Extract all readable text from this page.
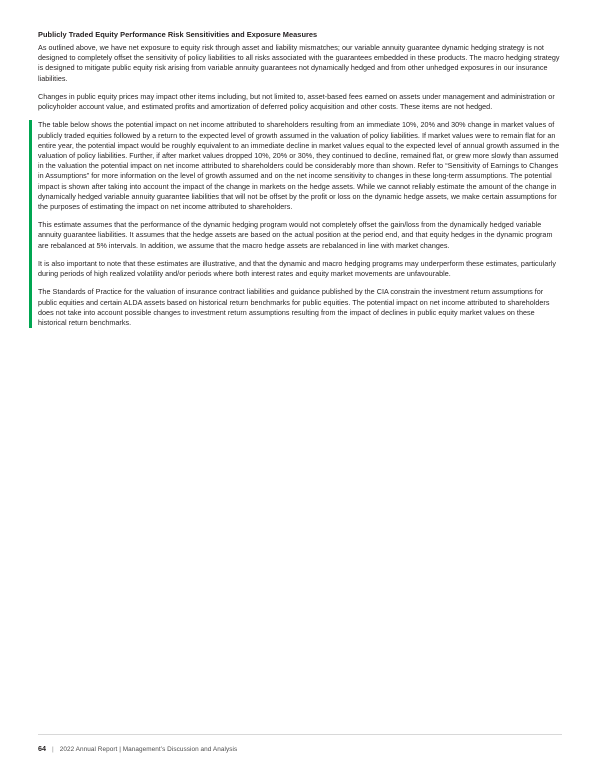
Publicly Traded Equity Performance Risk Sensitivities and Exposure Measures

As outlined above, we have net exposure to equity risk through asset and liability mismatches; our variable annuity guarantee dynamic hedging strategy is not designed to completely offset the sensitivity of policy liabilities to all risks associated with the guarantees embedded in these products. The macro hedging strategy is designed to mitigate public equity risk arising from variable annuity guarantees not dynamically hedged and from other unhedged exposures in our insurance liabilities.

Changes in public equity prices may impact other items including, but not limited to, asset-based fees earned on assets under management and administration or policyholder account value, and estimated profits and amortization of deferred policy acquisition and other costs. These items are not hedged.

The table below shows the potential impact on net income attributed to shareholders resulting from an immediate 10%, 20% and 30% change in market values of publicly traded equities followed by a return to the expected level of growth assumed in the valuation of policy liabilities. If market values were to remain flat for an entire year, the potential impact would be roughly equivalent to an immediate decline in market values equal to the expected level of annual growth assumed in the valuation of policy liabilities. Further, if after market values dropped 10%, 20% or 30%, they continued to decline, remained flat, or grew more slowly than assumed in the valuation the potential impact on net income attributed to shareholders could be considerably more than shown. Refer to “Sensitivity of Earnings to Changes in Assumptions” for more information on the level of growth assumed and on the net income sensitivity to changes in these long-term assumptions. The potential impact is shown after taking into account the impact of the change in markets on the hedge assets. While we cannot reliably estimate the amount of the change in dynamically hedged variable annuity guarantee liabilities that will not be offset by the profit or loss on the dynamic hedge assets, we make certain assumptions for the purposes of estimating the impact on net income attributed to shareholders.

This estimate assumes that the performance of the dynamic hedging program would not completely offset the gain/loss from the dynamically hedged variable annuity guarantee liabilities. It assumes that the hedge assets are based on the actual position at the period end, and that equity hedges in the dynamic program are rebalanced at 5% intervals. In addition, we assume that the macro hedge assets are rebalanced in line with market changes.

It is also important to note that these estimates are illustrative, and that the dynamic and macro hedging programs may underperform these estimates, particularly during periods of high realized volatility and/or periods where both interest rates and equity market movements are unfavourable.

The Standards of Practice for the valuation of insurance contract liabilities and guidance published by the CIA constrain the investment return assumptions for public equities and certain ALDA assets based on historical return benchmarks for public equities. The potential impact on net income attributed to shareholders does not take into account possible changes to investment return assumptions resulting from the impact of declines in public equity market values on these historical return benchmarks.

64 | 2022 Annual Report | Management’s Discussion and Analysis
